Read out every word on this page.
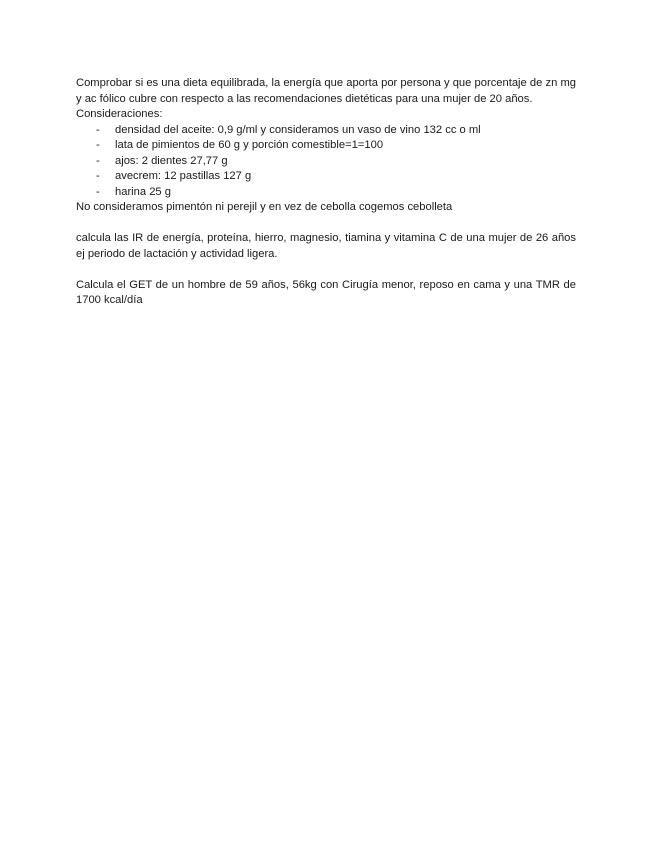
Comprobar si es una dieta equilibrada, la energía que aporta por persona y que porcentaje de zn mg y ac fólico cubre con respecto a las recomendaciones dietéticas para una mujer de 20 años.

Consideraciones:

- densidad del aceite: 0,9 g/ml y consideramos un vaso de vino 132 cc o ml
- lata de pimientos de 60 g y porción comestible=1=100
- ajos: 2 dientes 27,77 g
- avecrem: 12 pastillas 127 g
- harina 25 g

No consideramos pimentón ni perejil y en vez de cebolla cogemos cebolleta

calcula las IR de energía, proteína, hierro, magnesio, tiamina y vitamina C de una mujer de 26 años ej periodo de lactación y actividad ligera.

Calcula el GET de un hombre de 59 años, 56kg con Cirugía menor, reposo en cama y una TMR de 1700 kcal/día
